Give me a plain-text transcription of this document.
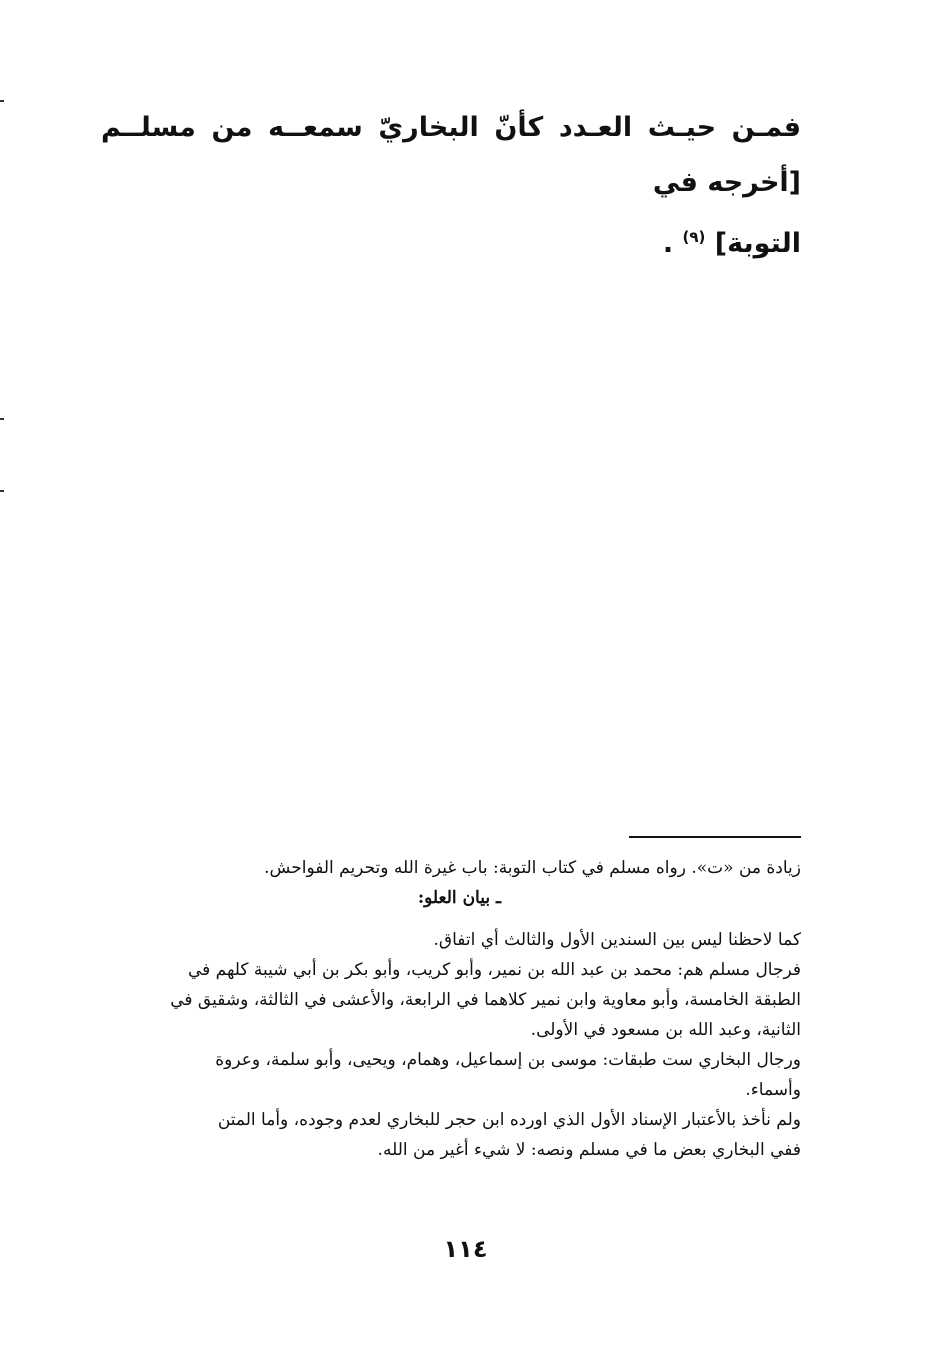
فمـن حيـث العـدد كأنّ البخاريّ سمعــه من مسلــم [أخرجه في
التوبة] $^{(٩)}$ .
زيادة من «ت». رواه مسلم في كتاب التوبة: باب غيرة الله وتحريم الفواحش.
ـ بيان العلو:
كما لاحظنا ليس بين السندين الأول والثالث أي اتفاق.
فرجال مسلم هم: محمد بن عبد الله بن نمير، وأبو كريب، وأبو بكر بن أبي شيبة كلهم في
الطبقة الخامسة، وأبو معاوية وابن نمير كلاهما في الرابعة، والأعشى في الثالثة، وشقيق في
الثانية، وعبد الله بن مسعود في الأولى.
ورجال البخاري ست طبقات: موسى بن إسماعيل، وهمام، ويحيى، وأبو سلمة، وعروة
وأسماء.
ولم نأخذ بالأعتبار الإسناد الأول الذي اورده ابن حجر للبخاري لعدم وجوده، وأما المتن
ففي البخاري بعض ما في مسلم ونصه: لا شيء أغير من الله.
١١٤
